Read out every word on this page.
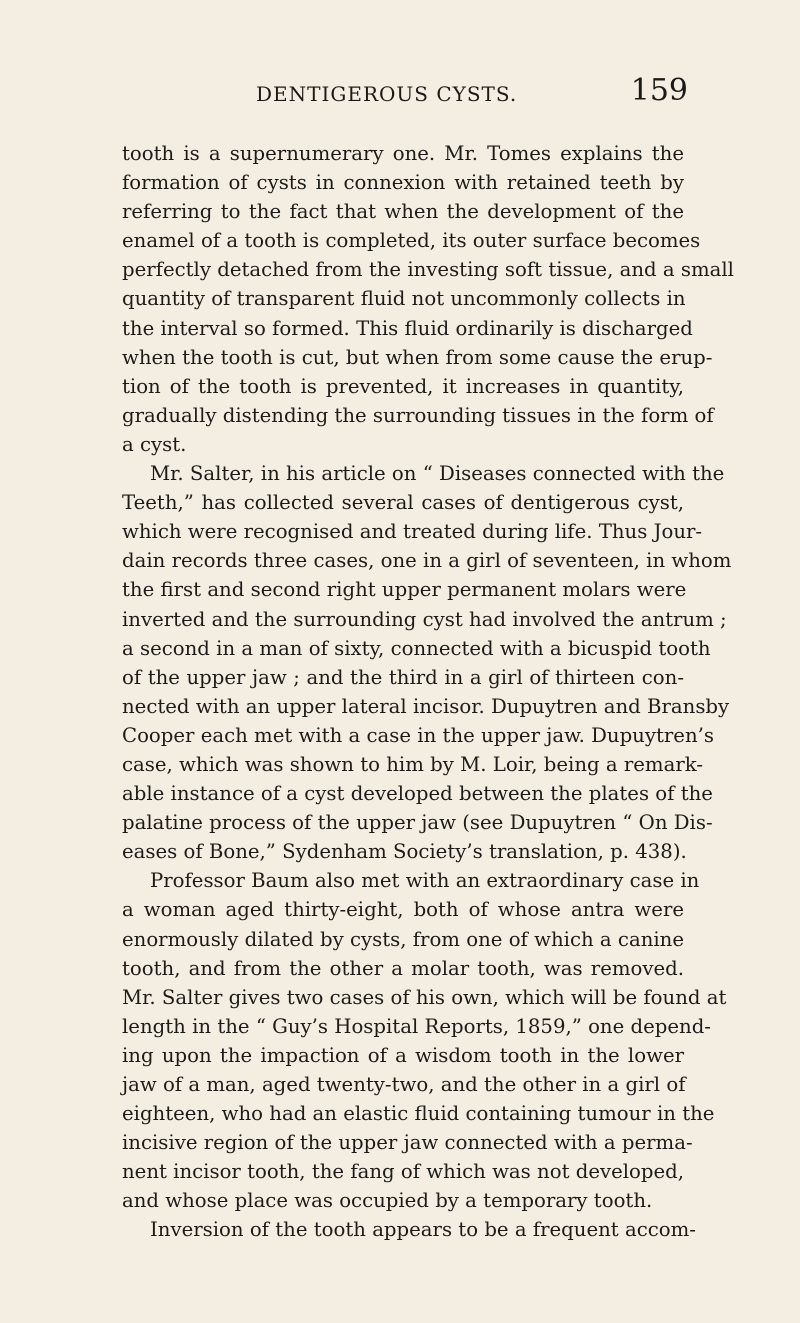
DENTIGEROUS CYSTS.	159
tooth is a supernumerary one. Mr. Tomes explains the
formation of cysts in connexion with retained teeth by
referring to the fact that when the development of the
enamel of a tooth is completed, its outer surface becomes
perfectly detached from the investing soft tissue, and a small
quantity of transparent fluid not uncommonly collects in
the interval so formed. This fluid ordinarily is discharged
when the tooth is cut, but when from some cause the erup-
tion of the tooth is prevented, it increases in quantity,
gradually distending the surrounding tissues in the form of
a cyst.
Mr. Salter, in his article on “ Diseases connected with the
Teeth,” has collected several cases of dentigerous cyst,
which were recognised and treated during life. Thus Jour-
dain records three cases, one in a girl of seventeen, in whom
the first and second right upper permanent molars were
inverted and the surrounding cyst had involved the antrum ;
a second in a man of sixty, connected with a bicuspid tooth
of the upper jaw ; and the third in a girl of thirteen con-
nected with an upper lateral incisor. Dupuytren and Bransby
Cooper each met with a case in the upper jaw. Dupuytren’s
case, which was shown to him by M. Loir, being a remark-
able instance of a cyst developed between the plates of the
palatine process of the upper jaw (see Dupuytren “ On Dis-
eases of Bone,” Sydenham Society’s translation, p. 438).
Professor Baum also met with an extraordinary case in
a woman aged thirty-eight, both of whose antra were
enormously dilated by cysts, from one of which a canine
tooth, and from the other a molar tooth, was removed.
Mr. Salter gives two cases of his own, which will be found at
length in the “ Guy’s Hospital Reports, 1859,” one depend-
ing upon the impaction of a wisdom tooth in the lower
jaw of a man, aged twenty-two, and the other in a girl of
eighteen, who had an elastic fluid containing tumour in the
incisive region of the upper jaw connected with a perma-
nent incisor tooth, the fang of which was not developed,
and whose place was occupied by a temporary tooth.
Inversion of the tooth appears to be a frequent accom-
